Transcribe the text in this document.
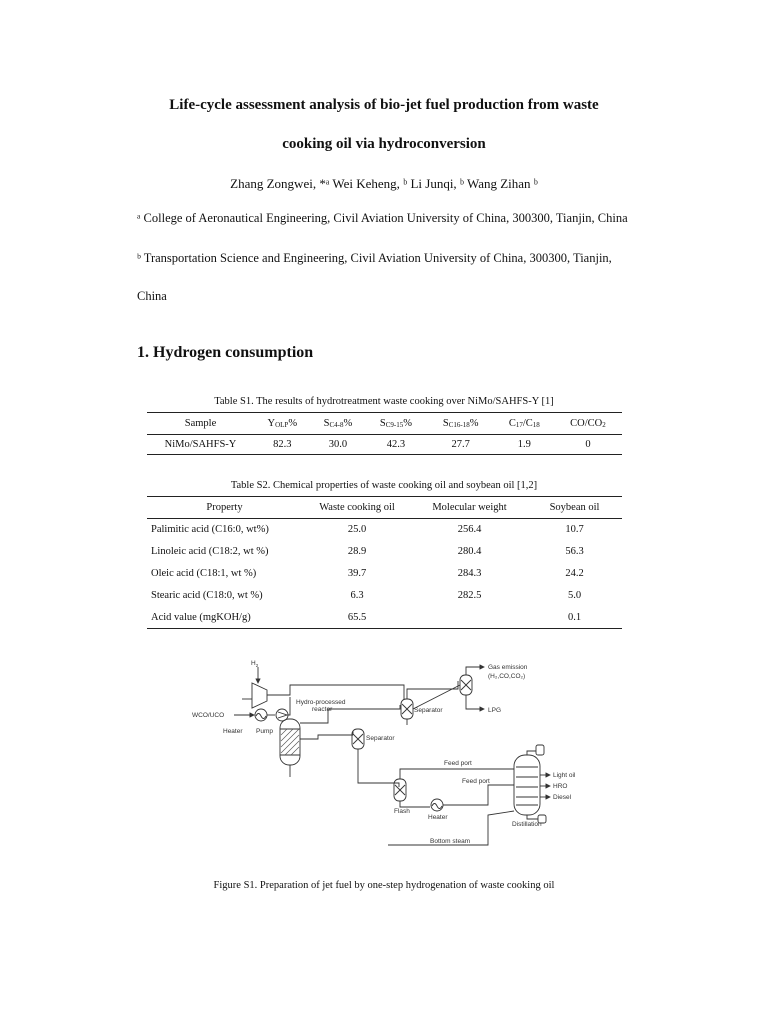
Life-cycle assessment analysis of bio-jet fuel production from waste
cooking oil via hydroconversion
Zhang Zongwei, *ᵃ Wei Keheng, ᵇ Li Junqi, ᵇ Wang Zihan ᵇ
ᵃ College of Aeronautical Engineering, Civil Aviation University of China, 300300, Tianjin, China
ᵇ Transportation Science and Engineering, Civil Aviation University of China, 300300, Tianjin,
China
1. Hydrogen consumption
Table S1. The results of hydrotreatment waste cooking over NiMo/SAHFS-Y [1]
Sample	$Y_{OLP}\%$	$S_{C4-8}\%$	$S_{C9-15}\%$	$S_{C16-18}\%$	$C_{17}/C_{18}$	$CO/CO_2$
NiMo/SAHFS-Y	82.3	30.0	42.3	27.7	1.9	0
Table S2. Chemical properties of waste cooking oil and soybean oil [1,2]
Property	Waste cooking oil	Molecular weight	Soybean oil
Palimitic acid (C16:0, wt%)	25.0	256.4	10.7
Linoleic acid (C18:2, wt %)	28.9	280.4	56.3
Oleic acid (C18:1, wt %)	39.7	284.3	24.2
Stearic acid (C18:0, wt %)	6.3	282.5	5.0
Acid value (mgKOH/g)	65.5		0.1
$H_2$
WCO/UCO
Heater Pump
Hydro-processed
reactor	Separator
Separator
Gas emission
(H₂,CO,CO₂)
LPG
Feed port
Feed port
Flash
Heater
Light oil
HRO
Diesel
Distillation
Bottom steam
Figure S1. Preparation of jet fuel by one-step hydrogenation of waste cooking oil
